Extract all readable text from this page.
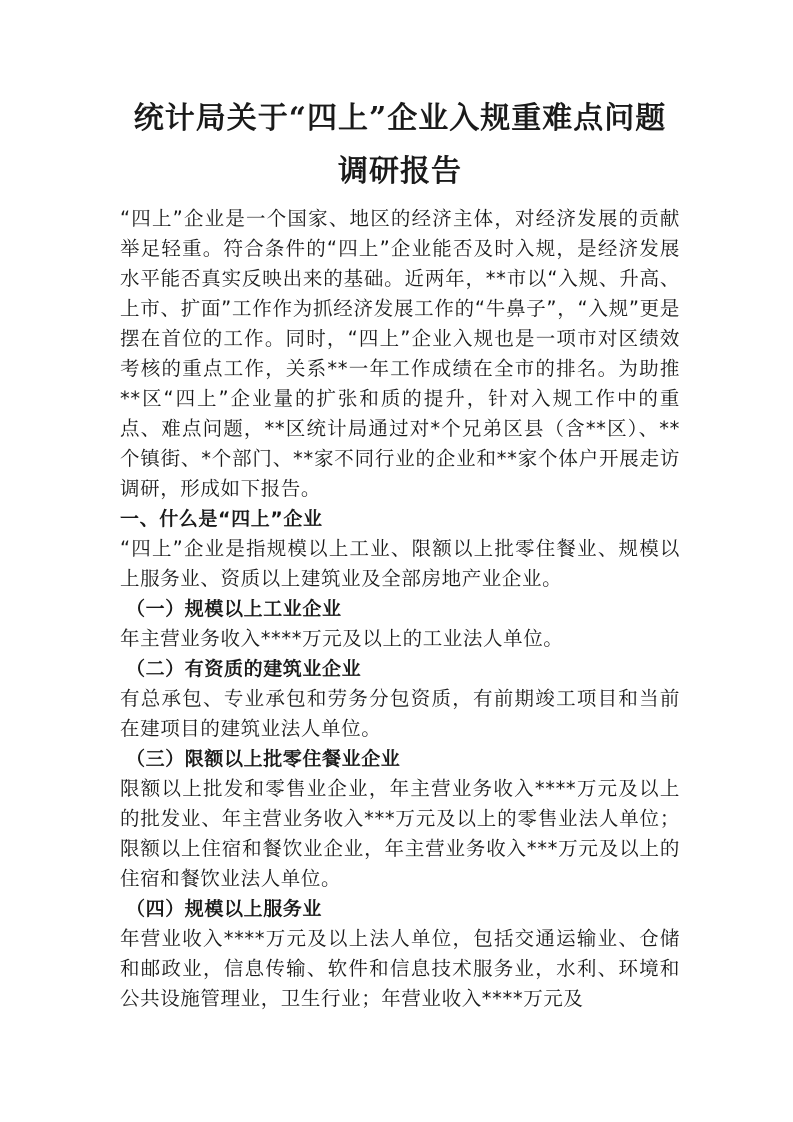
统计局关于“四上”企业入规重难点问题
调研报告

“四上”企业是一个国家、地区的经济主体，对经济发展的贡献举足轻重。符合条件的“四上”企业能否及时入规，是经济发展水平能否真实反映出来的基础。近两年，**市以“入规、升高、上市、扩面”工作作为抓经济发展工作的“牛鼻子”，“入规”更是摆在首位的工作。同时，“四上”企业入规也是一项市对区绩效考核的重点工作，关系**一年工作成绩在全市的排名。为助推**区“四上”企业量的扩张和质的提升，针对入规工作中的重点、难点问题，**区统计局通过对*个兄弟区县（含**区）、**个镇街、*个部门、**家不同行业的企业和**家个体户开展走访调研，形成如下报告。

一、什么是“四上”企业

“四上”企业是指规模以上工业、限额以上批零住餐业、规模以上服务业、资质以上建筑业及全部房地产业企业。

（一）规模以上工业企业

年主营业务收入****万元及以上的工业法人单位。

（二）有资质的建筑业企业

有总承包、专业承包和劳务分包资质，有前期竣工项目和当前在建项目的建筑业法人单位。

（三）限额以上批零住餐业企业

限额以上批发和零售业企业，年主营业务收入****万元及以上的批发业、年主营业务收入***万元及以上的零售业法人单位；限额以上住宿和餐饮业企业，年主营业务收入***万元及以上的住宿和餐饮业法人单位。

（四）规模以上服务业

年营业收入****万元及以上法人单位，包括交通运输业、仓储和邮政业，信息传输、软件和信息技术服务业，水利、环境和公共设施管理业，卫生行业；年营业收入****万元及
